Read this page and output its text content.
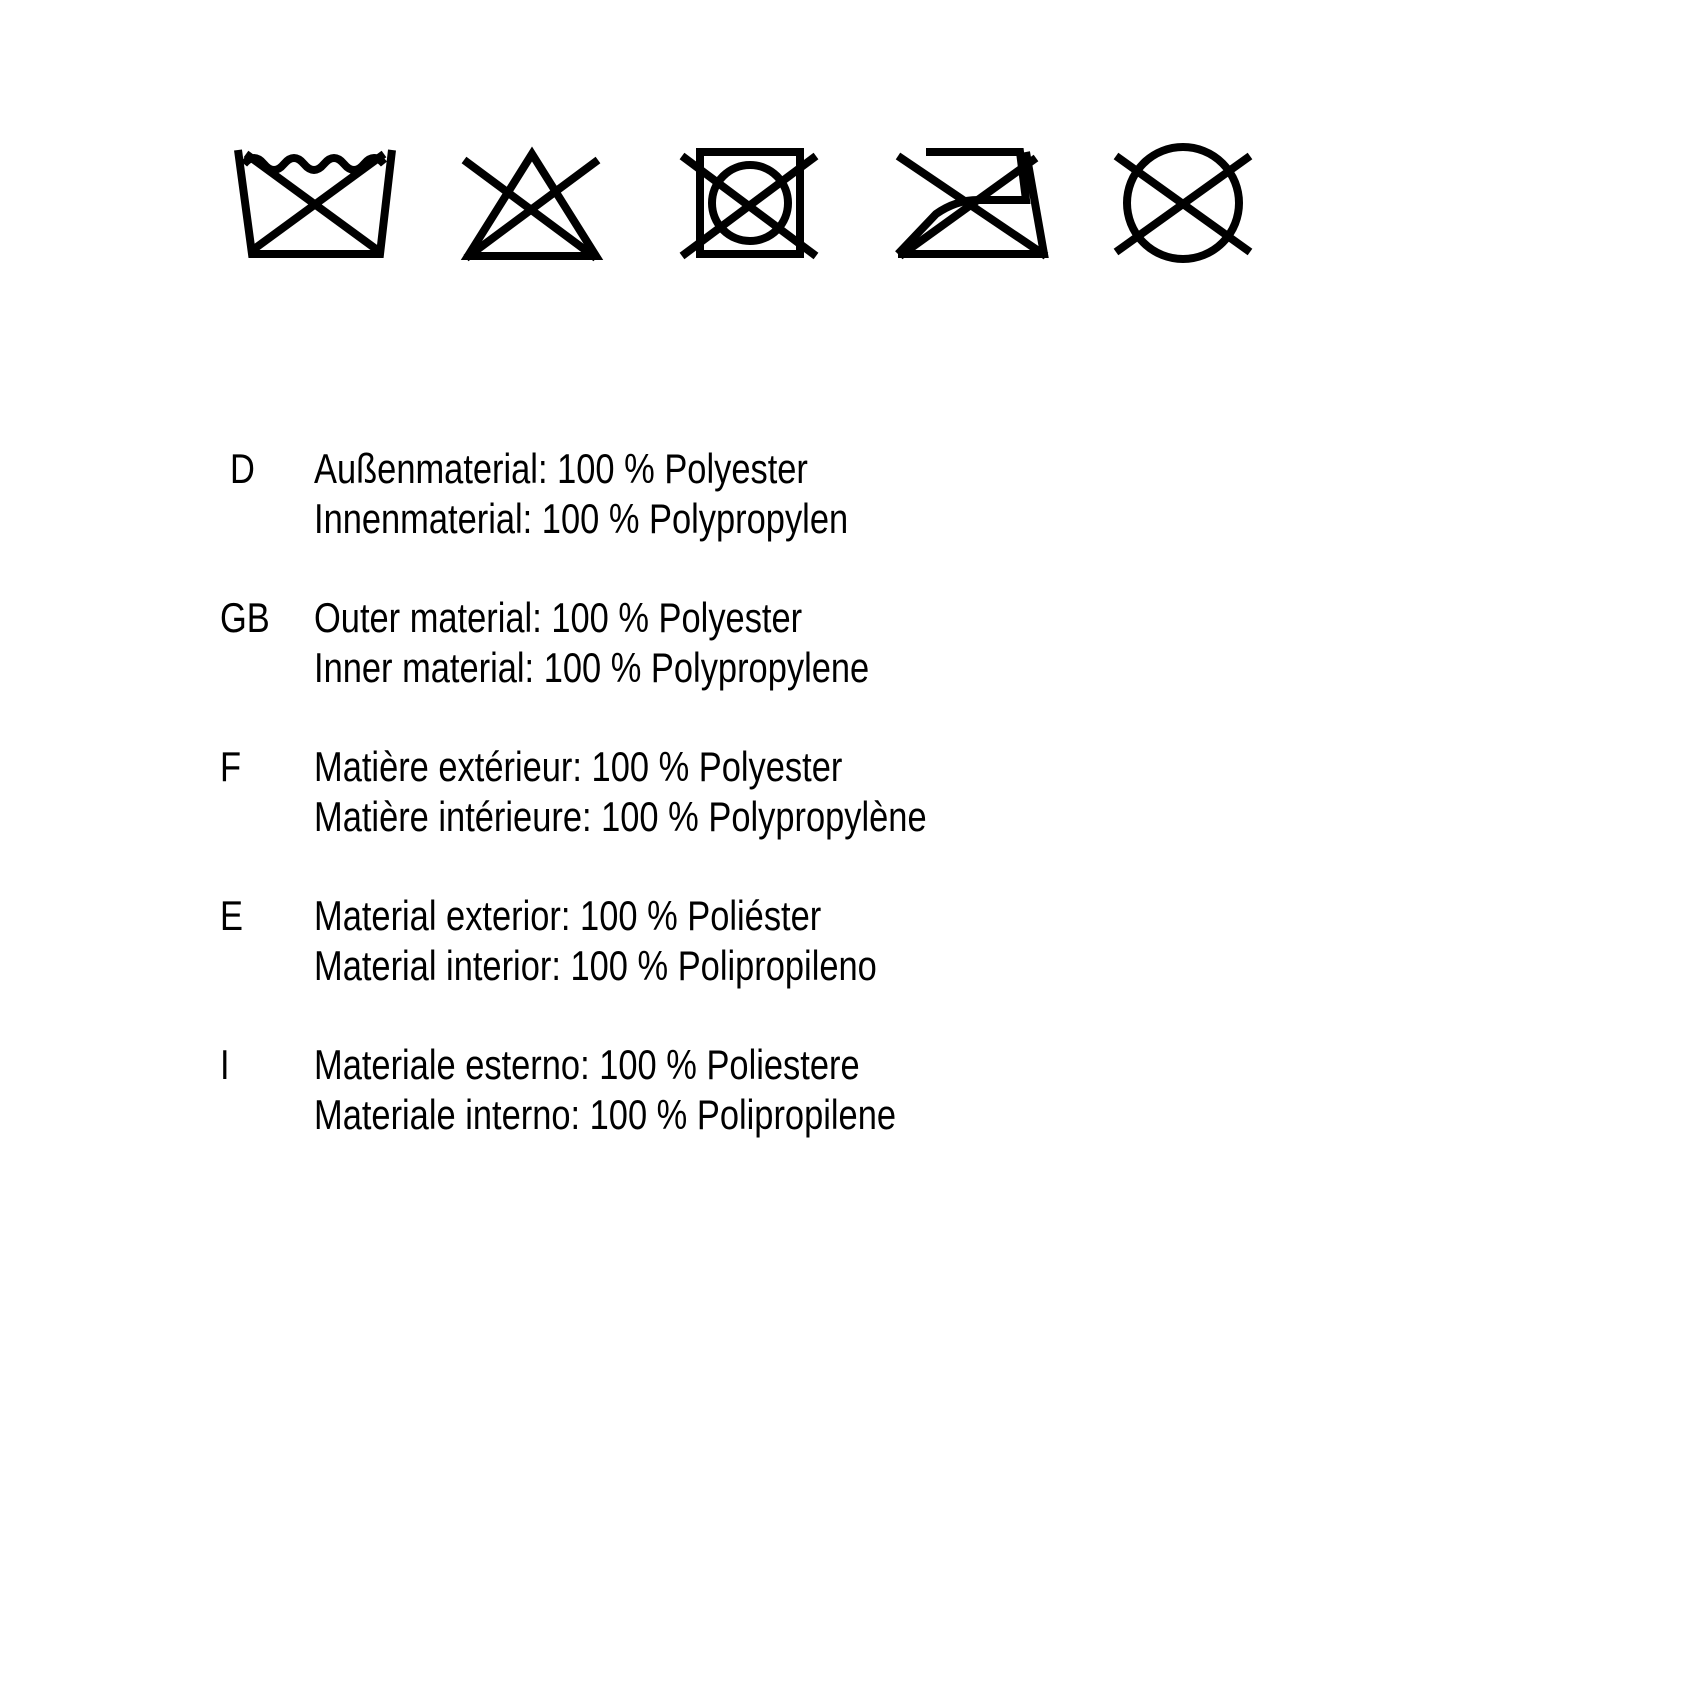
D Außenmaterial: 100 % Polyester
Innenmaterial: 100 % Polypropylen
GB Outer material: 100 % Polyester
Inner material: 100 % Polypropylene
F Matière extérieur: 100 % Polyester
Matière intérieure: 100 % Polypropylène
E Material exterior: 100 % Poliéster
Material interior: 100 % Polipropileno
I Materiale esterno: 100 % Poliestere
Materiale interno: 100 % Polipropilene
